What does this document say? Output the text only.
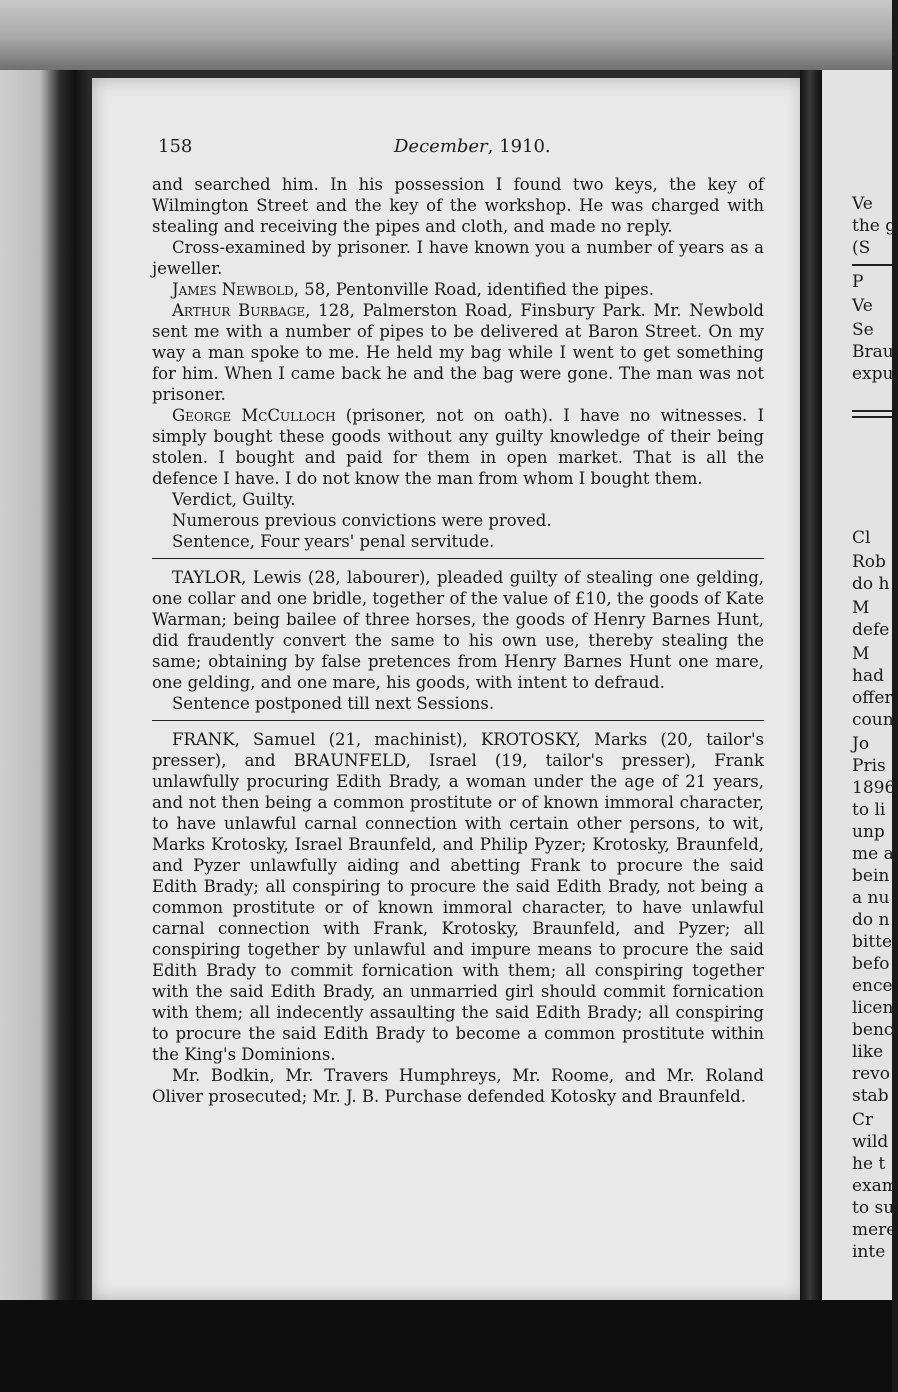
Ve
the g
(S
P
Ve
Se
Brau
expu
Cl
Rob
do h
M
defe
M
had
offer
coun
Jo
Pris
1896
to li
unp
me a
bein
a nu
do n
bitte
befo
ence
licen
benc
like
revo
stab
Cr
wild
he t
exam
to su
mere
inte
158	December, 1910.

and searched him. In his possession I found two keys, the key of Wilmington Street and the key of the workshop. He was charged with stealing and receiving the pipes and cloth, and made no reply.

Cross-examined by prisoner. I have known you a number of years as a jeweller.

James Newbold, 58, Pentonville Road, identified the pipes.

Arthur Burbage, 128, Palmerston Road, Finsbury Park. Mr. Newbold sent me with a number of pipes to be delivered at Baron Street. On my way a man spoke to me. He held my bag while I went to get something for him. When I came back he and the bag were gone. The man was not prisoner.

George McCulloch (prisoner, not on oath). I have no witnesses. I simply bought these goods without any guilty knowledge of their being stolen. I bought and paid for them in open market. That is all the defence I have. I do not know the man from whom I bought them.

Verdict, Guilty.

Numerous previous convictions were proved.

Sentence, Four years' penal servitude.

TAYLOR, Lewis (28, labourer), pleaded guilty of stealing one gelding, one collar and one bridle, together of the value of £10, the goods of Kate Warman; being bailee of three horses, the goods of Henry Barnes Hunt, did fraudently convert the same to his own use, thereby stealing the same; obtaining by false pretences from Henry Barnes Hunt one mare, one gelding, and one mare, his goods, with intent to defraud.

Sentence postponed till next Sessions.

FRANK, Samuel (21, machinist), KROTOSKY, Marks (20, tailor's presser), and BRAUNFELD, Israel (19, tailor's presser), Frank unlawfully procuring Edith Brady, a woman under the age of 21 years, and not then being a common prostitute or of known immoral character, to have unlawful carnal connection with certain other persons, to wit, Marks Krotosky, Israel Braunfeld, and Philip Pyzer; Krotosky, Braunfeld, and Pyzer unlawfully aiding and abetting Frank to procure the said Edith Brady; all conspiring to procure the said Edith Brady, not being a common prostitute or of known immoral character, to have unlawful carnal connection with Frank, Krotosky, Braunfeld, and Pyzer; all conspiring together by unlawful and impure means to procure the said Edith Brady to commit fornication with them; all conspiring together with the said Edith Brady, an unmarried girl should commit fornication with them; all indecently assaulting the said Edith Brady; all conspiring to procure the said Edith Brady to become a common prostitute within the King's Dominions.

Mr. Bodkin, Mr. Travers Humphreys, Mr. Roome, and Mr. Roland Oliver prosecuted; Mr. J. B. Purchase defended Kotosky and Braunfeld.
